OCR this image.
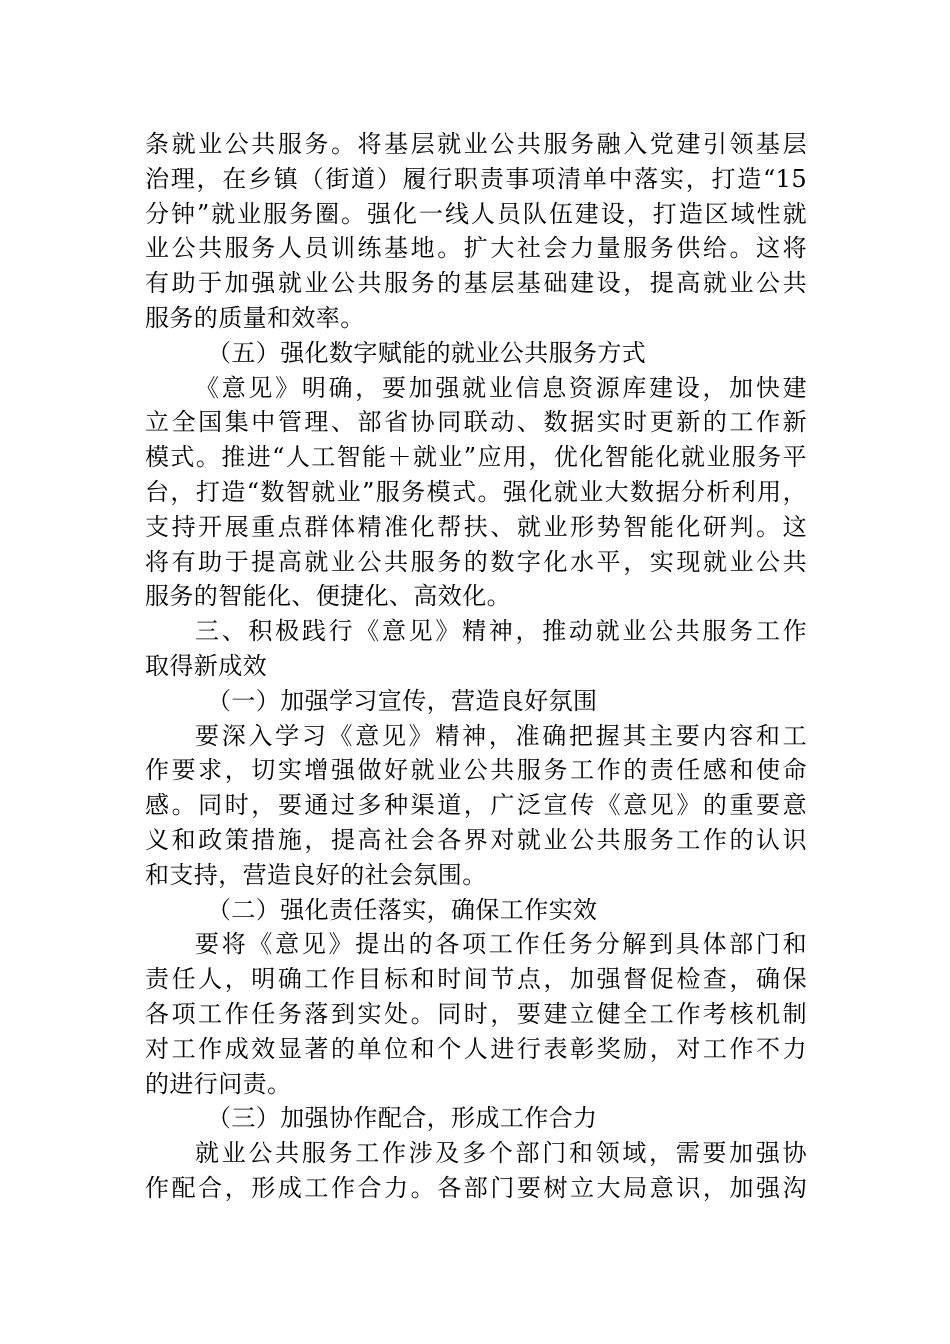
条就业公共服务。将基层就业公共服务融入党建引领基层
治理，在乡镇（街道）履行职责事项清单中落实，打造“15
分钟”就业服务圈。强化一线人员队伍建设，打造区域性就
业公共服务人员训练基地。扩大社会力量服务供给。这将
有助于加强就业公共服务的基层基础建设，提高就业公共
服务的质量和效率。
（五）强化数字赋能的就业公共服务方式
《意见》明确，要加强就业信息资源库建设，加快建
立全国集中管理、部省协同联动、数据实时更新的工作新
模式。推进“人工智能＋就业”应用，优化智能化就业服务平
台，打造“数智就业”服务模式。强化就业大数据分析利用，
支持开展重点群体精准化帮扶、就业形势智能化研判。这
将有助于提高就业公共服务的数字化水平，实现就业公共
服务的智能化、便捷化、高效化。
三、积极践行《意见》精神，推动就业公共服务工作
取得新成效
（一）加强学习宣传，营造良好氛围
要深入学习《意见》精神，准确把握其主要内容和工
作要求，切实增强做好就业公共服务工作的责任感和使命
感。同时，要通过多种渠道，广泛宣传《意见》的重要意
义和政策措施，提高社会各界对就业公共服务工作的认识
和支持，营造良好的社会氛围。
（二）强化责任落实，确保工作实效
要将《意见》提出的各项工作任务分解到具体部门和
责任人，明确工作目标和时间节点，加强督促检查，确保
各项工作任务落到实处。同时，要建立健全工作考核机制
对工作成效显著的单位和个人进行表彰奖励，对工作不力
的进行问责。
（三）加强协作配合，形成工作合力
就业公共服务工作涉及多个部门和领域，需要加强协
作配合，形成工作合力。各部门要树立大局意识，加强沟
